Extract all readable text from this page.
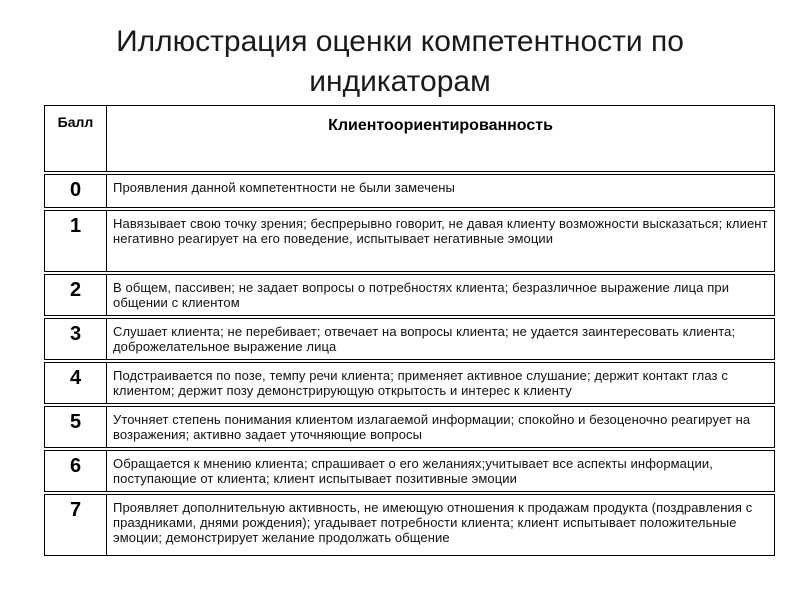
Иллюстрация оценки компетентности по
индикаторам
Балл	Клиентоориентированность
0	Проявления данной компетентности не были замечены
1	Навязывает свою точку зрения; беспрерывно говорит, не давая клиенту возможности высказаться; клиент негативно реагирует на его поведение, испытывает негативные эмоции
2	В общем, пассивен; не задает вопросы о потребностях клиента; безразличное выражение лица при общении с клиентом
3	Слушает клиента; не перебивает; отвечает на вопросы клиента; не удается заинтересовать клиента; доброжелательное выражение лица
4	Подстраивается по позе, темпу речи клиента; применяет активное слушание; держит контакт глаз с клиентом; держит позу демонстрирующую открытость и интерес к клиенту
5	Уточняет степень понимания клиентом излагаемой информации; спокойно и безоценочно реагирует на возражения; активно задает уточняющие вопросы
6	Обращается к мнению клиента; спрашивает о его желаниях;учитывает все аспекты информации, поступающие от клиента; клиент испытывает позитивные эмоции
7	Проявляет дополнительную активность, не имеющую отношения к продажам продукта (поздравления с праздниками, днями рождения); угадывает потребности клиента; клиент испытывает положительные эмоции; демонстрирует желание продолжать общение
